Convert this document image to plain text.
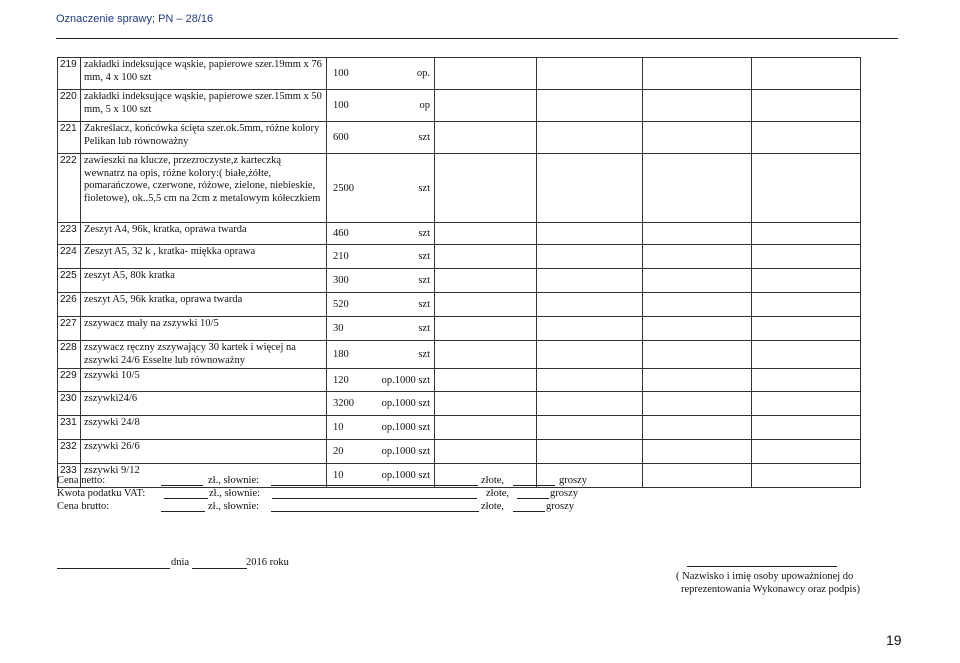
Oznaczenie sprawy; PN – 28/16
219	zakładki indeksujące wąskie, papierowe szer.19mm x 76 mm, 4 x 100 szt	100 op.				

220	zakładki indeksujące wąskie, papierowe szer.15mm x 50 mm, 5 x 100 szt	100 op				

221	Zakreślacz, końcówka ścięta szer.ok.5mm, różne kolory Pelikan lub równoważny	600 szt				

222	zawieszki na klucze, przezroczyste,z karteczką wewnatrz na opis, różne kolory:( białe,żółte, pomarańczowe, czerwone, różowe, zielone, niebieskie, fioletowe), ok..5,5 cm na 2cm z metalowym kółeczkiem	2500 szt				

223	Zeszyt A4, 96k, kratka, oprawa twarda	460 szt				

224	Zeszyt A5, 32 k , kratka- miękka oprawa	210 szt				

225	zeszyt A5, 80k kratka	300 szt				

226	zeszyt A5, 96k kratka, oprawa twarda	520 szt				

227	zszywacz mały na zszywki 10/5	30 szt				

228	zszywacz ręczny zszywający 30 kartek i więcej na zszywki 24/6 Esselte lub równoważny	180 szt				

229	zszywki 10/5	120 op.1000 szt				

230	zszywki24/6	3200 op.1000 szt				

231	zszywki 24/8	10 op.1000 szt				

232	zszywki 26/6	20 op.1000 szt				

233	zszywki 9/12	10 op.1000 szt				

Cena netto:	zł., słownie:	złote,	groszy
Kwota podatku VAT:	zł., słownie:	złote,	groszy
Cena brutto:	zł., słownie:	złote,	groszy
dnia	2016 roku
( Nazwisko i imię osoby upoważnionej do
reprezentowania Wykonawcy oraz podpis)
19
